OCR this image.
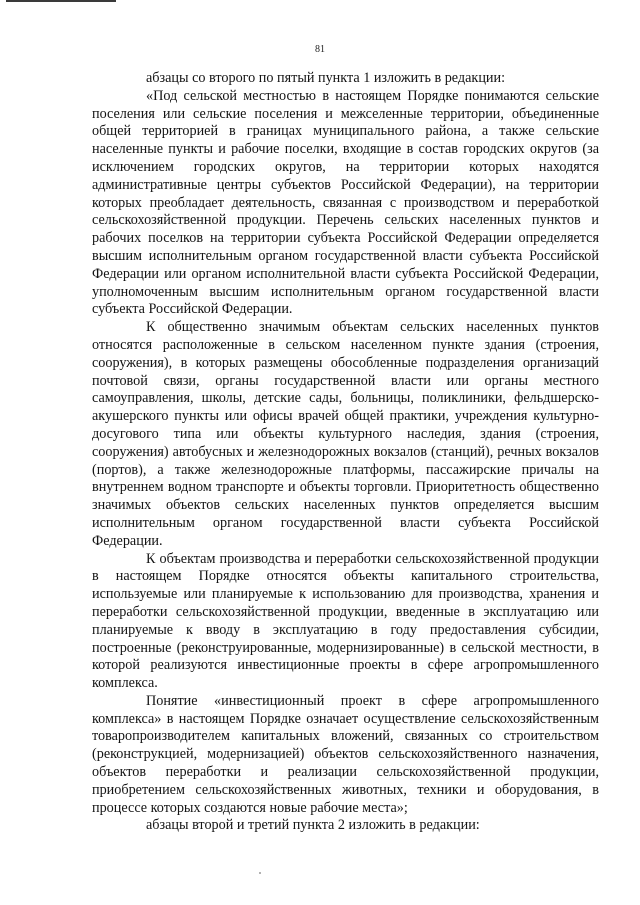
81

абзацы со второго по пятый пункта 1 изложить в редакции:

«Под сельской местностью в настоящем Порядке понимаются сельские поселения или сельские поселения и межселенные территории, объединенные общей территорией в границах муниципального района, а также сельские населенные пункты и рабочие поселки, входящие в состав городских округов (за исключением городских округов, на территории которых находятся административные центры субъектов Российской Федерации), на территории которых преобладает деятельность, связанная с производством и переработкой сельскохозяйственной продукции. Перечень сельских населенных пунктов и рабочих поселков на территории субъекта Российской Федерации определяется высшим исполнительным органом государственной власти субъекта Российской Федерации или органом исполнительной власти субъекта Российской Федерации, уполномоченным высшим исполнительным органом государственной власти субъекта Российской Федерации.

К общественно значимым объектам сельских населенных пунктов относятся расположенные в сельском населенном пункте здания (строения, сооружения), в которых размещены обособленные подразделения организаций почтовой связи, органы государственной власти или органы местного самоуправления, школы, детские сады, больницы, поликлиники, фельдшерско-акушерского пункты или офисы врачей общей практики, учреждения культурно-досугового типа или объекты культурного наследия, здания (строения, сооружения) автобусных и железнодорожных вокзалов (станций), речных вокзалов (портов), а также железнодорожные платформы, пассажирские причалы на внутреннем водном транспорте и объекты торговли. Приоритетность общественно значимых объектов сельских населенных пунктов определяется высшим исполнительным органом государственной власти субъекта Российской Федерации.

К объектам производства и переработки сельскохозяйственной продукции в настоящем Порядке относятся объекты капитального строительства, используемые или планируемые к использованию для производства, хранения и переработки сельскохозяйственной продукции, введенные в эксплуатацию или планируемые к вводу в эксплуатацию в году предоставления субсидии, построенные (реконструированные, модернизированные) в сельской местности, в которой реализуются инвестиционные проекты в сфере агропромышленного комплекса.

Понятие «инвестиционный проект в сфере агропромышленного комплекса» в настоящем Порядке означает осуществление сельскохозяйственным товаропроизводителем капитальных вложений, связанных со строительством (реконструкцией, модернизацией) объектов сельскохозяйственного назначения, объектов переработки и реализации сельскохозяйственной продукции, приобретением сельскохозяйственных животных, техники и оборудования, в процессе которых создаются новые рабочие места»;

абзацы второй и третий пункта 2 изложить в редакции:
